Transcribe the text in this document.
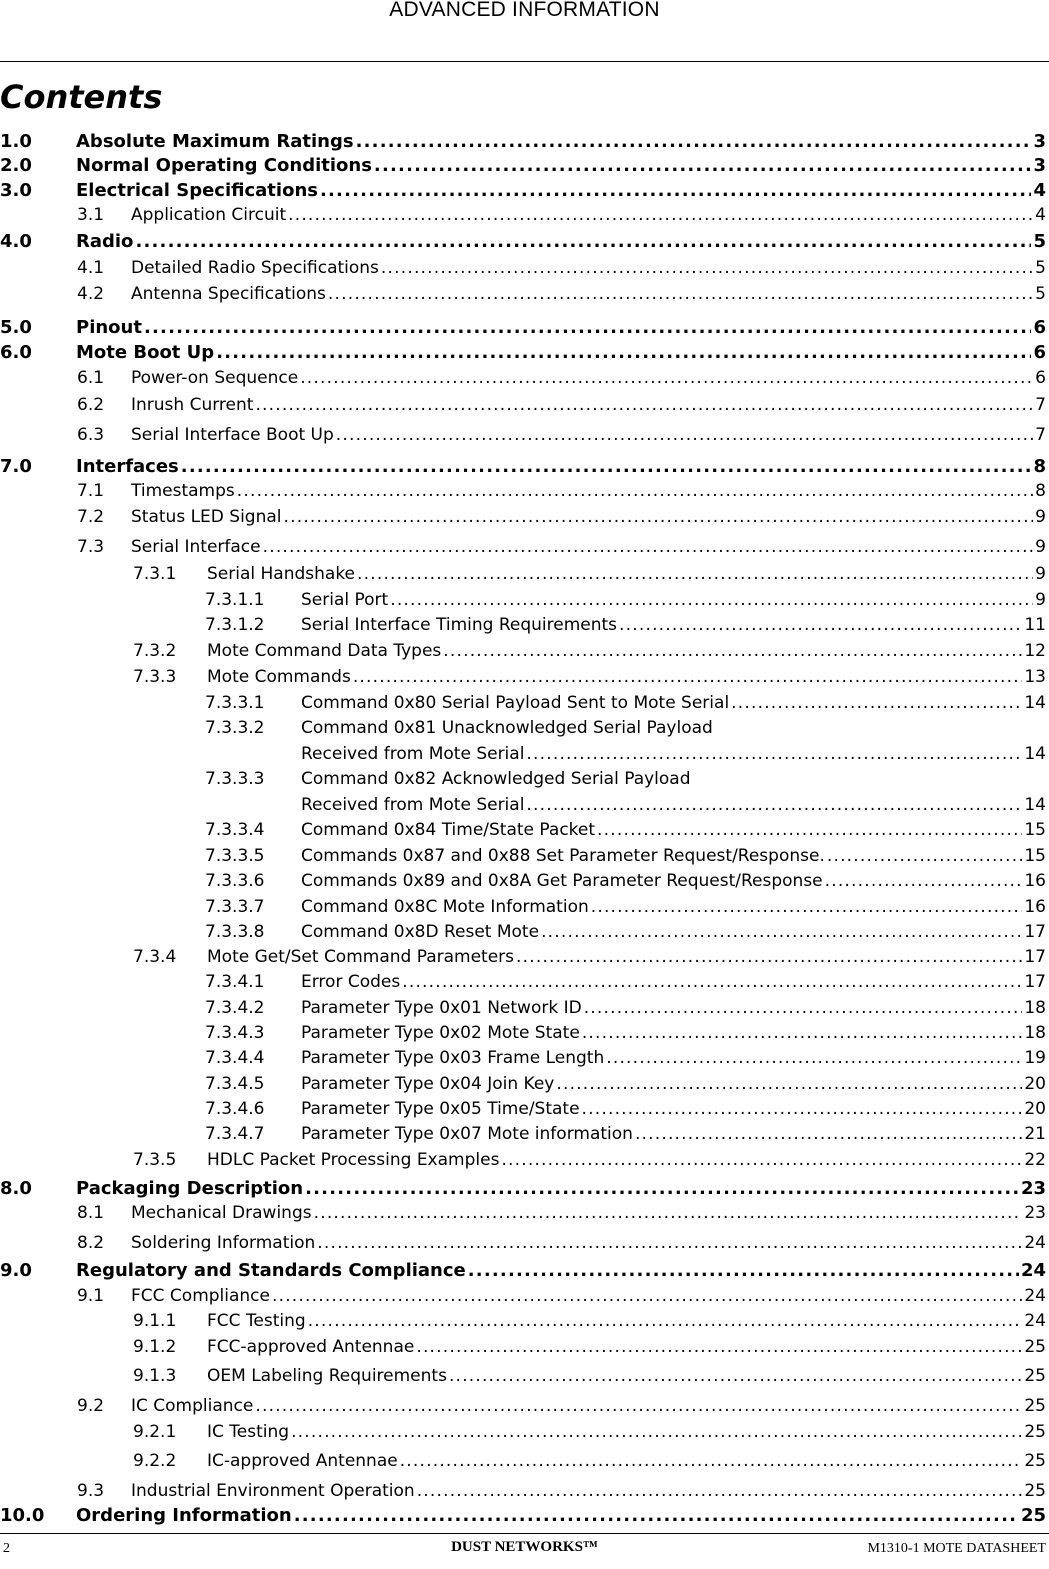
ADVANCED INFORMATION
Contents
1.0	Absolute Maximum Ratings .....	3
2.0	Normal Operating Conditions .....	3
3.0	Electrical Specifications .....	4
3.1 Application Circuit .....	4
4.0	Radio .....	5
4.1 Detailed Radio Specifications .....	5
4.2 Antenna Specifications .....	5
5.0	Pinout .....	6
6.0	Mote Boot Up .....	6
6.1 Power-on Sequence .....	6
6.2 Inrush Current .....	7
6.3 Serial Interface Boot Up .....	7
7.0	Interfaces .....	8
7.1 Timestamps .....	8
7.2 Status LED Signal .....	9
7.3 Serial Interface .....	9
7.3.1 Serial Handshake .....	9
7.3.1.1 Serial Port .....	9
7.3.1.2 Serial Interface Timing Requirements .....	11
7.3.2 Mote Command Data Types .....	12
7.3.3 Mote Commands .....	13
7.3.3.1 Command 0x80 Serial Payload Sent to Mote Serial .....	14
7.3.3.2 Command 0x81 Unacknowledged Serial Payload
Received from Mote Serial .....	14
7.3.3.3 Command 0x82 Acknowledged Serial Payload
Received from Mote Serial .....	14
7.3.3.4 Command 0x84 Time/State Packet .....	15
7.3.3.5 Commands 0x87 and 0x88 Set Parameter Request/Response. .....	15
7.3.3.6 Commands 0x89 and 0x8A Get Parameter Request/Response .....	16
7.3.3.7 Command 0x8C Mote Information .....	16
7.3.3.8 Command 0x8D Reset Mote .....	17
7.3.4 Mote Get/Set Command Parameters .....	17
7.3.4.1 Error Codes .....	17
7.3.4.2 Parameter Type 0x01 Network ID .....	18
7.3.4.3 Parameter Type 0x02 Mote State .....	18
7.3.4.4 Parameter Type 0x03 Frame Length .....	19
7.3.4.5 Parameter Type 0x04 Join Key .....	20
7.3.4.6 Parameter Type 0x05 Time/State .....	20
7.3.4.7 Parameter Type 0x07 Mote information .....	21
7.3.5 HDLC Packet Processing Examples .....	22
8.0	Packaging Description .....	23
8.1 Mechanical Drawings .....	23
8.2 Soldering Information .....	24
9.0	Regulatory and Standards Compliance .....	24
9.1 FCC Compliance .....	24
9.1.1 FCC Testing .....	24
9.1.2 FCC-approved Antennae .....	25
9.1.3 OEM Labeling Requirements .....	25
9.2 IC Compliance .....	25
9.2.1 IC Testing .....	25
9.2.2 IC-approved Antennae .....	25
9.3 Industrial Environment Operation .....	25
10.0	Ordering Information .....	25
2	DUST NETWORKS™	M1310-1 MOTE DATASHEET
